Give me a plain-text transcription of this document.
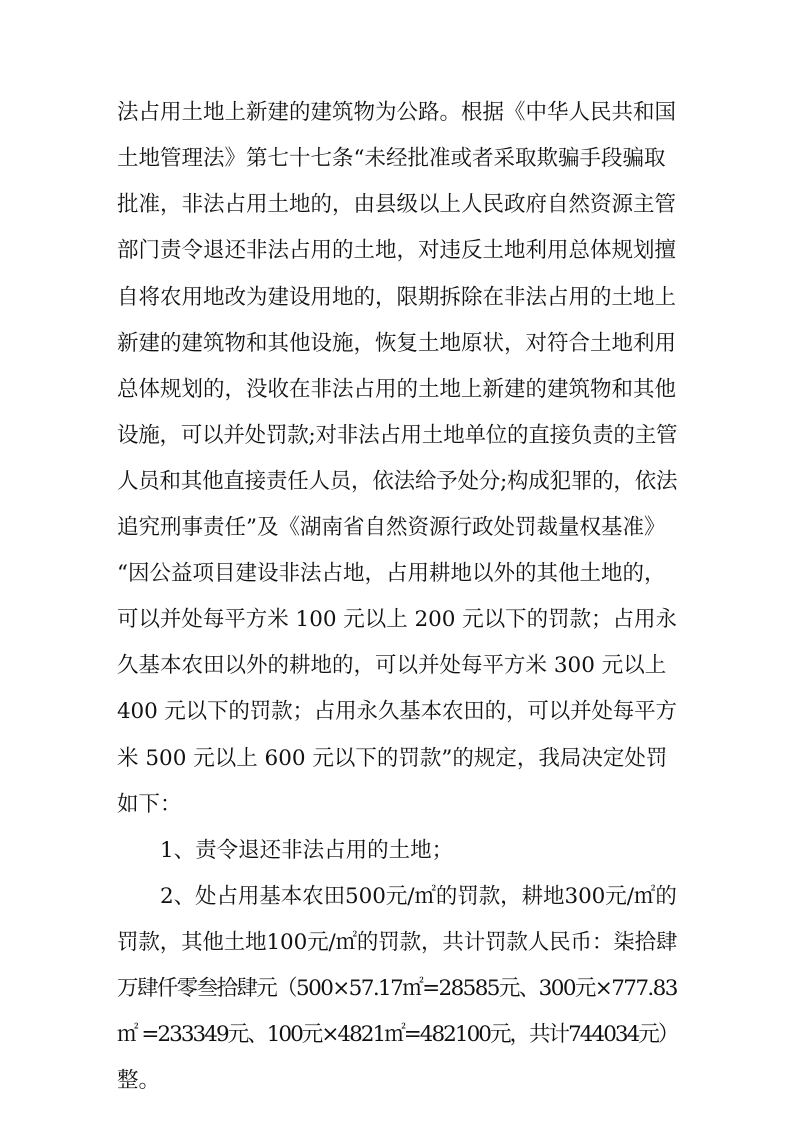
法占用土地上新建的建筑物为公路。根据《中华人民共和国
土地管理法》第七十七条“未经批准或者采取欺骗手段骗取
批准，非法占用土地的，由县级以上人民政府自然资源主管
部门责令退还非法占用的土地，对违反土地利用总体规划擅
自将农用地改为建设用地的，限期拆除在非法占用的土地上
新建的建筑物和其他设施，恢复土地原状，对符合土地利用
总体规划的，没收在非法占用的土地上新建的建筑物和其他
设施，可以并处罚款;对非法占用土地单位的直接负责的主管
人员和其他直接责任人员，依法给予处分;构成犯罪的，依法
追究刑事责任”及《湖南省自然资源行政处罚裁量权基准》
“因公益项目建设非法占地，占用耕地以外的其他土地的，
可以并处每平方米 100 元以上 200 元以下的罚款；占用永
久基本农田以外的耕地的，可以并处每平方米 300 元以上
400 元以下的罚款；占用永久基本农田的，可以并处每平方
米 500 元以上 600 元以下的罚款”的规定，我局决定处罚
如下：
1、责令退还非法占用的土地；
2、处占用基本农田500元/㎡的罚款，耕地300元/㎡的
罚款，其他土地100元/㎡的罚款，共计罚款人民币：柒拾肆
万肆仟零叁拾肆元（500×57.17㎡=28585元、300元×777.83
㎡ =233349元、100元×4821㎡=482100元，共计744034元）
整。
